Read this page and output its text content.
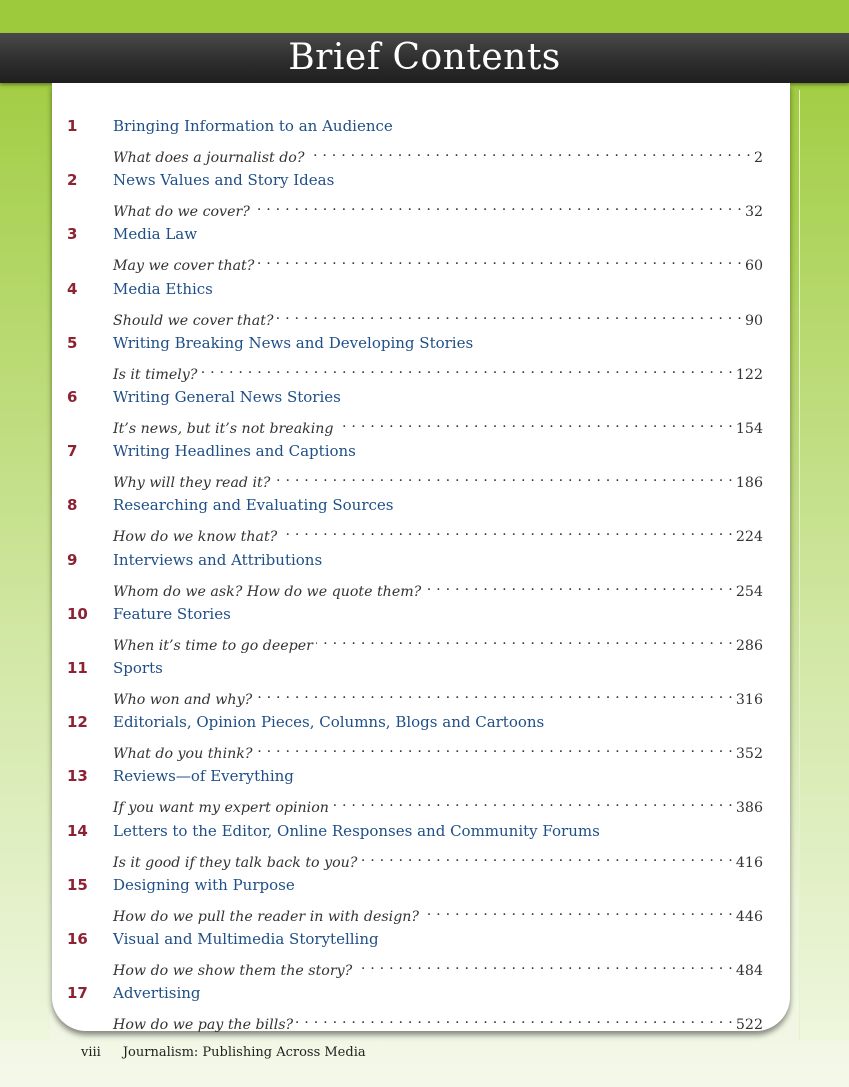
Brief Contents
1	Bringing Information to an Audience
What does a journalist do? . . .	2
2	News Values and Story Ideas
What do we cover? . . .	32
3	Media Law
May we cover that? . . .	60
4	Media Ethics
Should we cover that? . . .	90
5	Writing Breaking News and Developing Stories
Is it timely? . . .	122
6	Writing General News Stories
It’s news, but it’s not breaking . . .	154
7	Writing Headlines and Captions
Why will they read it? . . .	186
8	Researching and Evaluating Sources
How do we know that? . . .	224
9	Interviews and Attributions
Whom do we ask? How do we quote them? . . .	254
10	Feature Stories
When it’s time to go deeper . . .	286
11	Sports
Who won and why? . . .	316
12	Editorials, Opinion Pieces, Columns, Blogs and Cartoons
What do you think? . . .	352
13	Reviews—of Everything
If you want my expert opinion . . .	386
14	Letters to the Editor, Online Responses and Community Forums
Is it good if they talk back to you? . . .	416
15	Designing with Purpose
How do we pull the reader in with design? . . .	446
16	Visual and Multimedia Storytelling
How do we show them the story? . . .	484
17	Advertising
How do we pay the bills? . . .	522
viii Journalism: Publishing Across Media
